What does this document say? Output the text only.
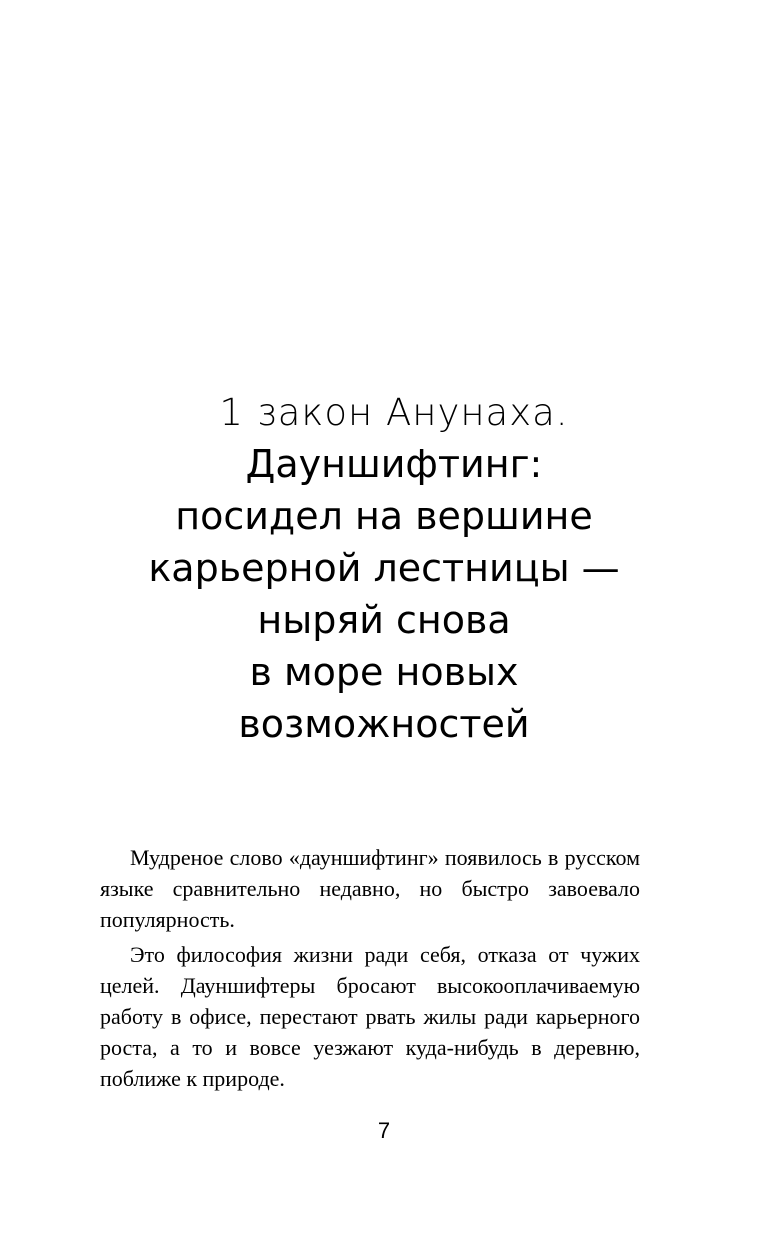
1 закон Анунаха.
Дауншифтинг:
посидел на вершине
карьерной лестницы —
ныряй снова
в море новых
возможностей

Мудреное слово «дауншифтинг» появилось в русском языке сравнительно недавно, но быстро завоевало популярность.

Это философия жизни ради себя, отказа от чужих целей. Дауншифтеры бросают высокооплачиваемую работу в офисе, перестают рвать жилы ради карьерного роста, а то и вовсе уезжают куда-нибудь в деревню, поближе к природе.

7
